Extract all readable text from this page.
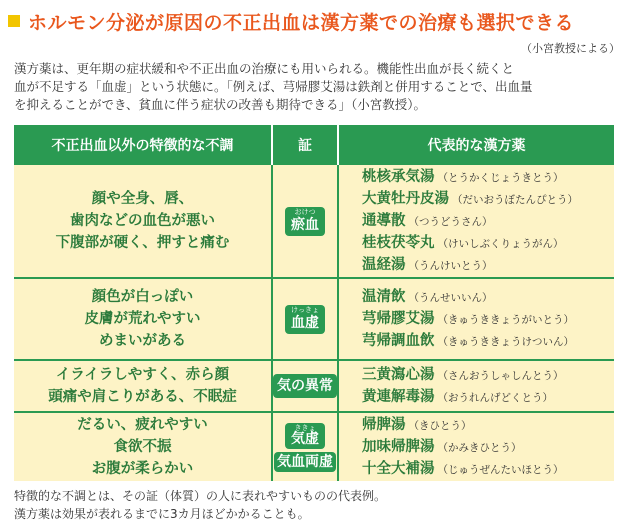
ホルモン分泌が原因の不正出血は漢方薬での治療も選択できる
（小宮教授による）
漢方薬は、更年期の症状緩和や不正出血の治療にも用いられる。機能性出血が長く続くと
血が不足する「血虚」という状態に。「例えば、芎帰膠艾湯は鉄剤と併用することで、出血量
を抑えることができ、貧血に伴う症状の改善も期待できる」（小宮教授）。
不正出血以外の特徴的な不調	証	代表的な漢方薬
顔や全身、唇、
歯肉などの血色が悪い
下腹部が硬く、押すと痛む
おけつ
瘀血
桃核承気湯 （とうかくじょうきとう）
大黄牡丹皮湯 （だいおうぼたんぴとう）
通導散 （つうどうさん）
桂枝茯苓丸 （けいしぶくりょうがん）
温経湯 （うんけいとう）
顔色が白っぽい
皮膚が荒れやすい
めまいがある
けっきょ
血虚
温清飲 （うんせいいん）
芎帰膠艾湯 （きゅうききょうがいとう）
芎帰調血飲 （きゅうききょうけついん）
イライラしやすく、赤ら顔
頭痛や肩こりがある、不眠症
気の異常
三黄瀉心湯 （さんおうしゃしんとう）
黄連解毒湯 （おうれんげどくとう）
だるい、疲れやすい
食欲不振
お腹が柔らかい
ききょ
気虚
気血両虚
帰脾湯 （きひとう）
加味帰脾湯 （かみきひとう）
十全大補湯 （じゅうぜんたいほとう）
特徴的な不調とは、その証（体質）の人に表れやすいものの代表例。
漢方薬は効果が表れるまでに3カ月ほどかかることも。
